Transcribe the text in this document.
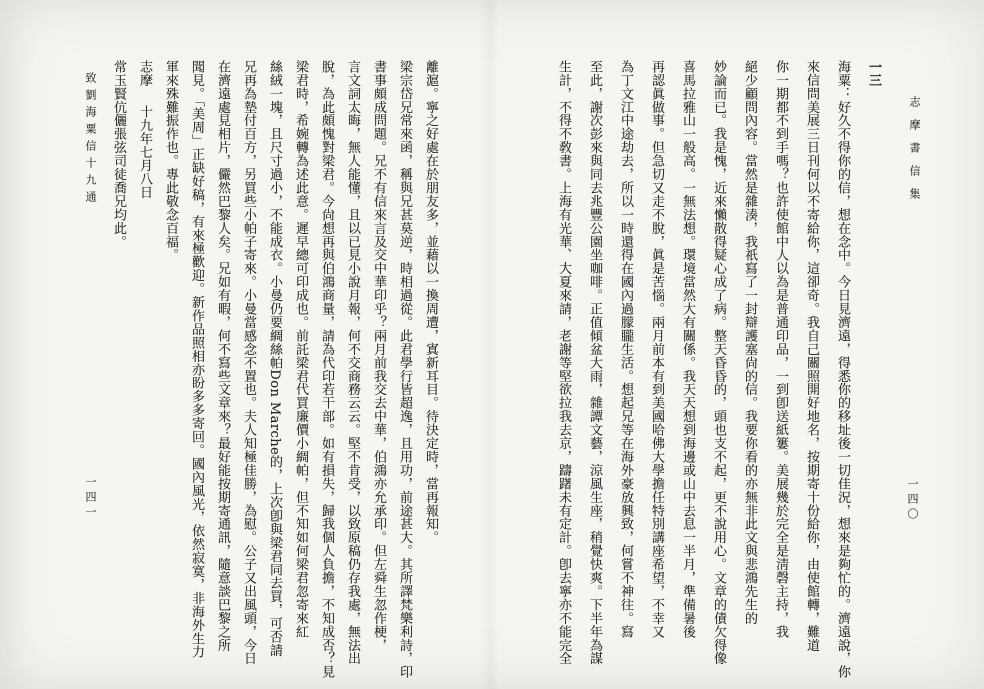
志摩書信集
一四〇

一三

海粟：好久不得你的信，想在念中。今日見濟遠，得悉你的移址後一切佳況，想來是夠忙的。濟遠說，你

來信問美展三日刊何以不寄給你，這卻奇。我自己關照開好地名，按期寄十份給你，由使館轉，難道

你一期都不到手嗎？也許使館中人以為是普通印品，一到卽送紙簍。美展幾於完全是淸磬主持，我

絕少顧問內容。當然是雜湊，我祇寫了一封辯護塞尙的信。我要你看的亦無非此文與悲鴻先生的

妙論而已。我是愧，近來懶散得疑心成了病。整天昏昏的，頭也支不起，更不說用心。文章的債欠得像

喜馬拉雅山一般高。一無法想。環境當然大有關係。我天天想到海邊或山中去息一半月，準備暑後

再認眞做事。但急切又走不脫，眞是苦惱。兩月前本有到美國哈佛大學擔任特別講座希望，不幸又

為丁文江中途劫去，所以一時還得在國內過朦朧生活。想起兄等在海外豪放興致，何嘗不神往。寫

至此，謝次彭來與同去兆豐公園坐咖啡。正值傾盆大雨，雜譚文藝，涼風生座，稍覺快爽。下半年為謀

生計，不得不敎書。上海有光華、大夏來請，老謝等堅欲拉我去京，躊躇未有定計。卽去寧亦不能完全

致劉海粟信十九通
一四一	離滬。寧之好處在於朋友多，並藉以一換周遭，寘新耳目。待決定時，當再報知。

梁宗岱兄常來函，稱與兄甚莫逆，時相過從。此君學行皆超逸，且用功，前途甚大。其所譯梵樂利詩，印

書事頗成問題。兄不有信來言及交中華印乎？兩月前我交去中華，伯鴻亦允承印。但左舜生忽作梗，

言文詞太晦，無人能懂，且以已見小說月報，何不交商務云云。堅不肯受，以致原稿仍存我處，無法出

脫，為此頗愧對梁君。今尙想再與伯鴻商量，請為代印若干部。如有損失，歸我個人負擔，不知成否？見

梁君時，希婉轉為述此意。遲早總可印成也。前託梁君代買廉價小綢帕，但不知如何梁君忽寄來紅

絲絨一塊，且尺寸過小，不能成衣。小曼仍要綢絲帕Don Marche的，上次卽與梁君同去買，可否請

兄再為墊付百方，另買些小帕子寄來。小曼當感念不置也。夫人知極佳勝，為慰。公子又出風頭，今日

在濟遠處見相片，儼然巴黎人矣。兄如有暇，何不寫些文章來？最好能按期寄通訊，隨意談巴黎之所

聞見。「美周」正缺好稿，有來極歡迎。新作品照相亦盼多多寄回。國內風光，依然寂寞，非海外生力

軍來殊難振作也。專此敬念百福。

志摩十九年七月八日

常玉賢伉儷張弦司徒喬兄均此。
